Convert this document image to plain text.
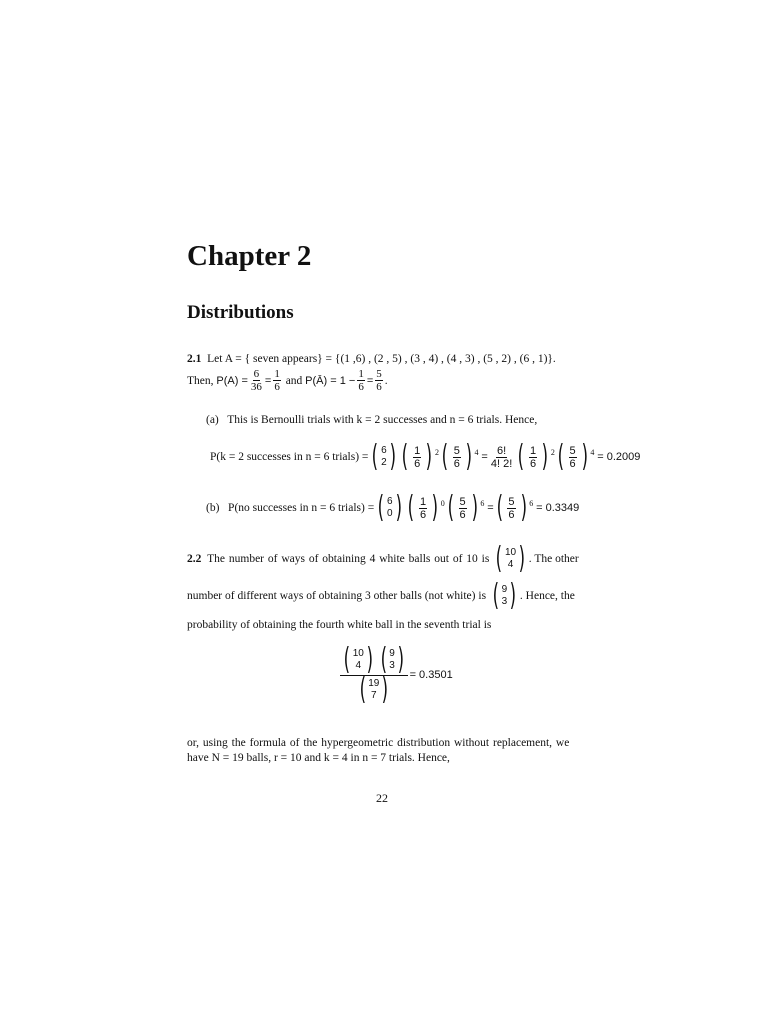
Chapter 2
Distributions
2.1 Let A = { seven appears} = {(1 ,6) , (2 , 5) , (3 , 4) , (4 , 3) , (5 , 2) , (6 , 1)}.
Then,
$P(A) = \frac{6}{36} = \frac{1}{6}$
and
P(Ā) = $1 - \frac{1}{6} = \frac{5}{6}$ .
(a) This is Bernoulli trials with k = 2 successes and n = 6 trials. Hence,
P(k = 2 successes in n = 6 trials) = ( 6
2 ) ( $\frac{1}{6}$ ) 2 ( $\frac{5}{6}$ ) 4
= $\frac{6!}{4! 2!}$ ( $\frac{1}{6}$ ) 2 ( $\frac{5}{6}$ ) 4
= 0.2009
(b)
P(no successes in n = 6 trials) = ( 6
0 ) ( $\frac{1}{6}$ ) 0 ( $\frac{5}{6}$ ) 6
= ( $\frac{5}{6}$ ) 6
= 0.3349
2.2
The number of ways of obtaining 4 white balls out of 10 is
( 10
4 ) . The other
number of different ways of obtaining 3 other balls (not white) is
( 9
3 ) . Hence, the
probability of obtaining the fourth white ball in the seventh trial is
( 10
4 ) ( 9
3 )
( 19
7 ) = 0.3501
or, using the formula of the hypergeometric distribution without replacement, we
have N = 19 balls, r = 10 and k = 4 in n = 7 trials. Hence,
22
